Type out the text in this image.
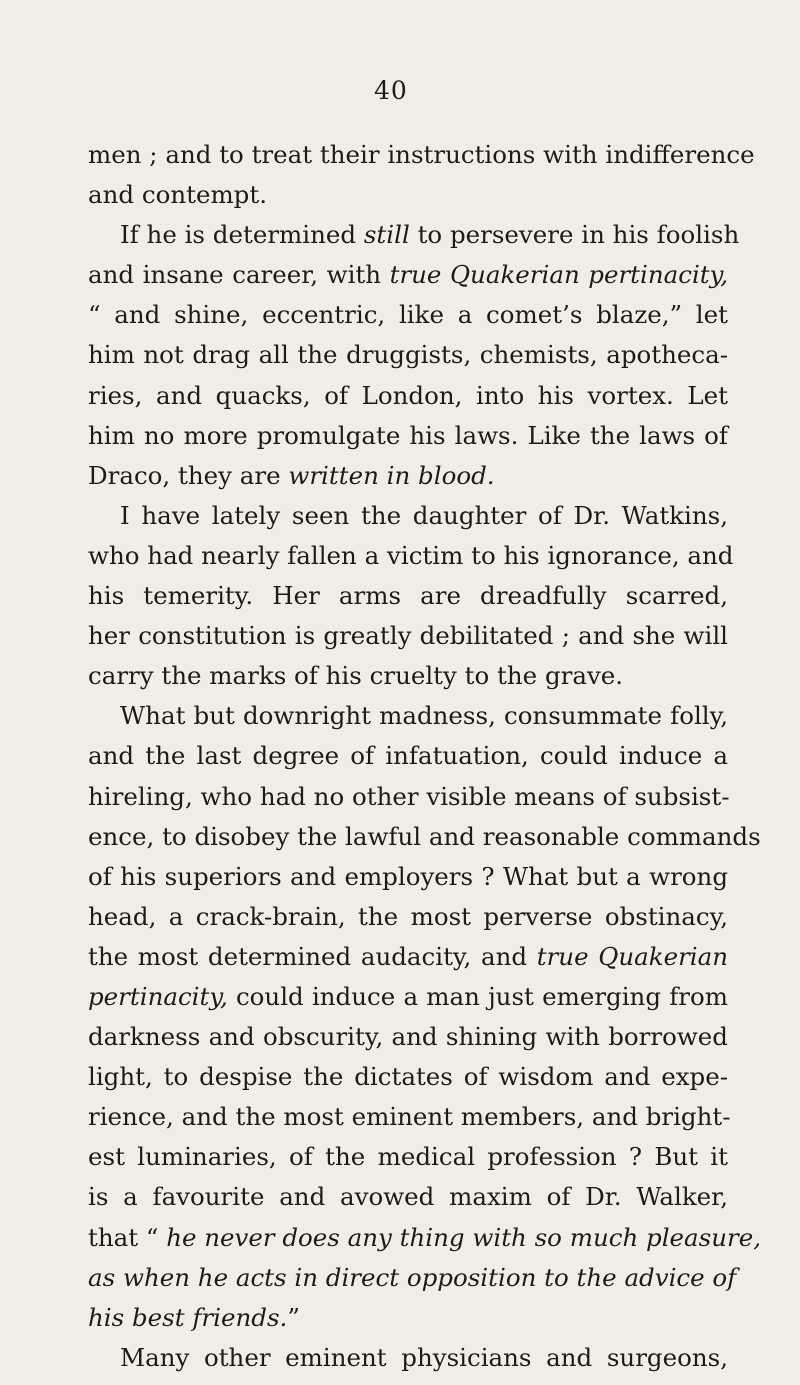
40
men ; and to treat their instructions with indifference
and contempt.
If he is determined still to persevere in his foolish
and insane career, with true Quakerian pertinacity,
“ and shine, eccentric, like a comet’s blaze,” let
him not drag all the druggists, chemists, apotheca-
ries, and quacks, of London, into his vortex. Let
him no more promulgate his laws. Like the laws of
Draco, they are written in blood.
I have lately seen the daughter of Dr. Watkins,
who had nearly fallen a victim to his ignorance, and
his temerity. Her arms are dreadfully scarred,
her constitution is greatly debilitated ; and she will
carry the marks of his cruelty to the grave.
What but downright madness, consummate folly,
and the last degree of infatuation, could induce a
hireling, who had no other visible means of subsist-
ence, to disobey the lawful and reasonable commands
of his superiors and employers ? What but a wrong
head, a crack-brain, the most perverse obstinacy,
the most determined audacity, and true Quakerian
pertinacity, could induce a man just emerging from
darkness and obscurity, and shining with borrowed
light, to despise the dictates of wisdom and expe-
rience, and the most eminent members, and bright-
est luminaries, of the medical profession ? But it
is a favourite and avowed maxim of Dr. Walker,
that “ he never does any thing with so much pleasure,
as when he acts in direct opposition to the advice of
his best friends.”
Many other eminent physicians and surgeons,
